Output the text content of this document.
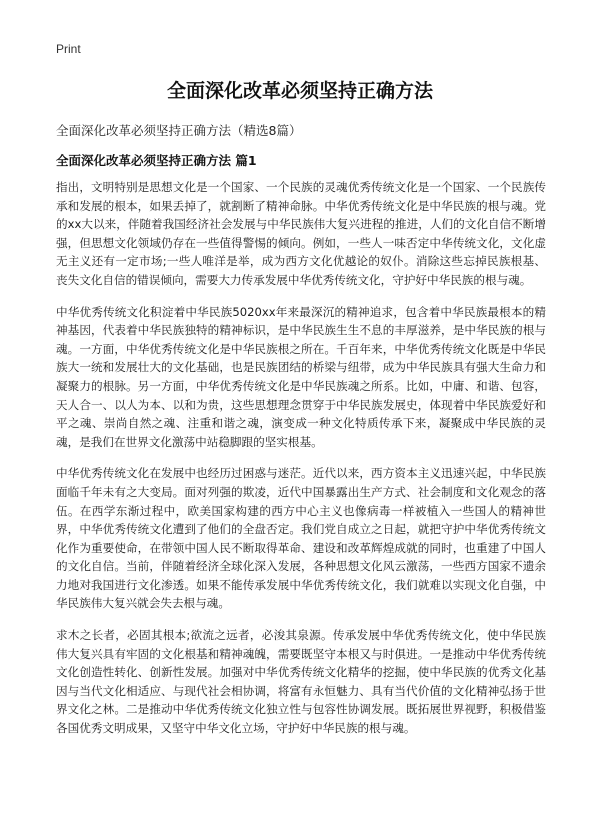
Print
全面深化改革必须坚持正确方法

全面深化改革必须坚持正确方法（精选8篇）

全面深化改革必须坚持正确方法 篇1

指出，文明特别是思想文化是一个国家、一个民族的灵魂优秀传统文化是一个国家、一个民族传承和发展的根本，如果丢掉了，就割断了精神命脉。中华优秀传统文化是中华民族的根与魂。党的xx大以来，伴随着我国经济社会发展与中华民族伟大复兴进程的推进，人们的文化自信不断增强，但思想文化领域仍存在一些值得警惕的倾向。例如，一些人一味否定中华传统文化，文化虚无主义还有一定市场;一些人唯洋是举，成为西方文化优越论的奴仆。消除这些忘掉民族根基、丧失文化自信的错误倾向，需要大力传承发展中华优秀传统文化，守护好中华民族的根与魂。

中华优秀传统文化积淀着中华民族5020xx年来最深沉的精神追求，包含着中华民族最根本的精神基因，代表着中华民族独特的精神标识，是中华民族生生不息的丰厚滋养，是中华民族的根与魂。一方面，中华优秀传统文化是中华民族根之所在。千百年来，中华优秀传统文化既是中华民族大一统和发展壮大的文化基础，也是民族团结的桥梁与纽带，成为中华民族具有强大生命力和凝聚力的根脉。另一方面，中华优秀传统文化是中华民族魂之所系。比如，中庸、和谐、包容，天人合一、以人为本、以和为贵，这些思想理念贯穿于中华民族发展史，体现着中华民族爱好和平之魂、崇尚自然之魂、注重和谐之魂，演变成一种文化特质传承下来，凝聚成中华民族的灵魂，是我们在世界文化激荡中站稳脚跟的坚实根基。

中华优秀传统文化在发展中也经历过困惑与迷茫。近代以来，西方资本主义迅速兴起，中华民族面临千年未有之大变局。面对列强的欺凌，近代中国暴露出生产方式、社会制度和文化观念的落伍。在西学东渐过程中，欧美国家构建的西方中心主义也像病毒一样被植入一些国人的精神世界，中华优秀传统文化遭到了他们的全盘否定。我们党自成立之日起，就把守护中华优秀传统文化作为重要使命，在带领中国人民不断取得革命、建设和改革辉煌成就的同时，也重建了中国人的文化自信。当前，伴随着经济全球化深入发展，各种思想文化风云激荡，一些西方国家不遗余力地对我国进行文化渗透。如果不能传承发展中华优秀传统文化，我们就难以实现文化自强，中华民族伟大复兴就会失去根与魂。

求木之长者，必固其根本;欲流之远者，必浚其泉源。传承发展中华优秀传统文化，使中华民族伟大复兴具有牢固的文化根基和精神魂魄，需要既坚守本根又与时俱进。一是推动中华优秀传统文化创造性转化、创新性发展。加强对中华优秀传统文化精华的挖掘，使中华民族的优秀文化基因与当代文化相适应、与现代社会相协调，将富有永恒魅力、具有当代价值的文化精神弘扬于世界文化之林。二是推动中华优秀传统文化独立性与包容性协调发展。既拓展世界视野，积极借鉴各国优秀文明成果，又坚守中华文化立场，守护好中华民族的根与魂。
